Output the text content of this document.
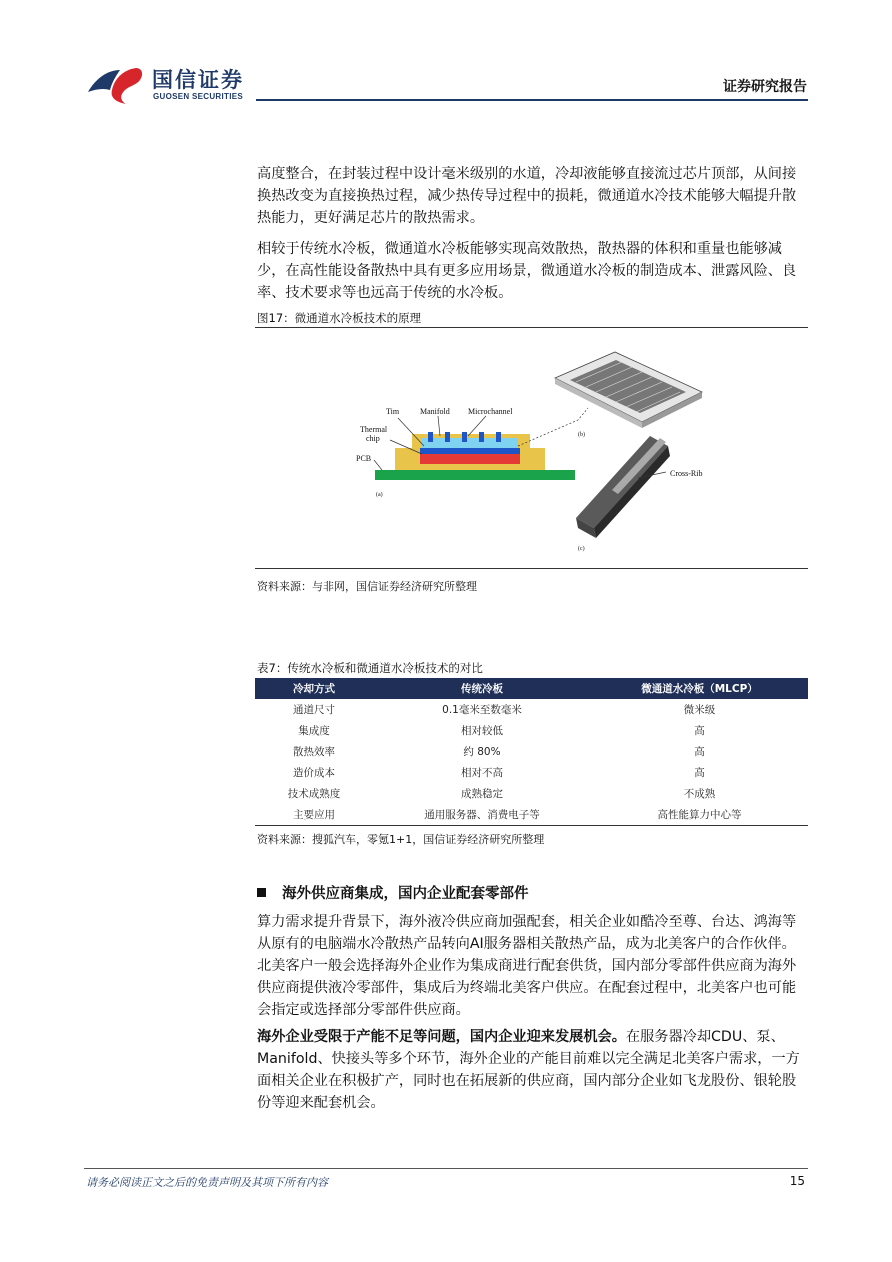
国信证券
GUOSEN SECURITIES
证券研究报告
高度整合，在封装过程中设计毫米级别的水道，冷却液能够直接流过芯片顶部，从间接换热改变为直接换热过程，减少热传导过程中的损耗，微通道水冷技术能够大幅提升散热能力，更好满足芯片的散热需求。
相较于传统水冷板，微通道水冷板能够实现高效散热，散热器的体积和重量也能够减少，在高性能设备散热中具有更多应用场景，微通道水冷板的制造成本、泄露风险、良率、技术要求等也远高于传统的水冷板。
图17：微通道水冷板技术的原理
Tim	Manifold Microchannel
Thermal
chip
PCB
(a)
(b)
(c)
Cross-Rib
资料来源：与非网，国信证券经济研究所整理
表7：传统水冷板和微通道水冷板技术的对比
冷却方式	传统冷板	微通道水冷板（MLCP）
通道尺寸	0.1毫米至数毫米	微米级
集成度	相对较低	高
散热效率	约 80%	高
造价成本	相对不高	高
技术成熟度	成熟稳定	不成熟
主要应用	通用服务器、消费电子等	高性能算力中心等
资料来源：搜狐汽车，零氪1+1，国信证券经济研究所整理
海外供应商集成，国内企业配套零部件
算力需求提升背景下，海外液冷供应商加强配套，相关企业如酷冷至尊、台达、鸿海等从原有的电脑端水冷散热产品转向AI服务器相关散热产品，成为北美客户的合作伙伴。北美客户一般会选择海外企业作为集成商进行配套供货，国内部分零部件供应商为海外供应商提供液冷零部件，集成后为终端北美客户供应。在配套过程中，北美客户也可能会指定或选择部分零部件供应商。
海外企业受限于产能不足等问题，国内企业迎来发展机会。在服务器冷却CDU、泵、Manifold、快接头等多个环节，海外企业的产能目前难以完全满足北美客户需求，一方面相关企业在积极扩产，同时也在拓展新的供应商，国内部分企业如飞龙股份、银轮股份等迎来配套机会。
请务必阅读正文之后的免责声明及其项下所有内容	15
